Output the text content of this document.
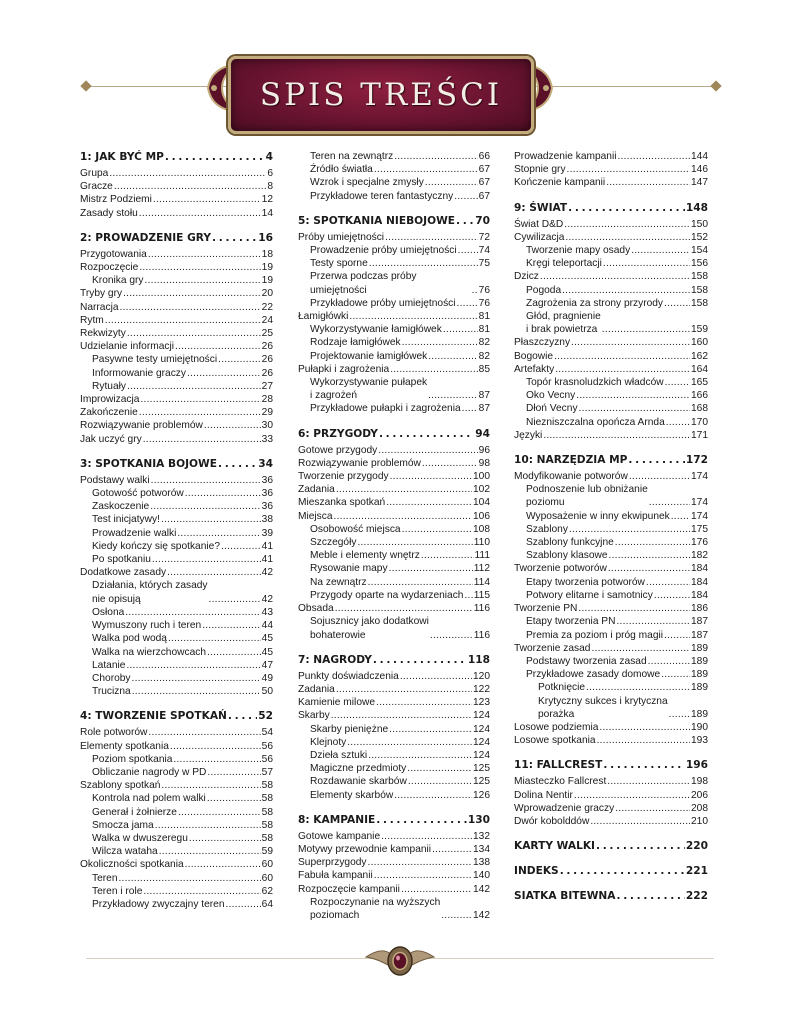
SPIS TREŚCI
1: JAK BYĆ MP . . .	4
Grupa . . .	6
Gracze . . .	8
Mistrz Podziemi . . .	12
Zasady stołu . . .	14
2: PROWADZENIE GRY . . .	16
Przygotowania . . .	18
Rozpoczęcie . . .	19
Kronika gry . . .	19
Tryby gry . . .	20
Narracja . . .	22
Rytm . . .	24
Rekwizyty . . .	25
Udzielanie informacji . . .	26
Pasywne testy umiejętności . . .	26
Informowanie graczy . . .	26
Rytuały . . .	27
Improwizacja . . .	28
Zakończenie . . .	29
Rozwiązywanie problemów . . .	30
Jak uczyć gry . . .	33
3: SPOTKANIA BOJOWE . . .	34
Podstawy walki . . .	36
Gotowość potworów . . .	36
Zaskoczenie . . .	36
Test inicjatywy! . . .	38
Prowadzenie walki . . .	39
Kiedy kończy się spotkanie? . . .	41
Po spotkaniu . . .	41
Dodatkowe zasady . . .	42
Działania, których zasady
nie opisują . . .	42
Osłona . . .	43
Wymuszony ruch i teren . . .	44
Walka pod wodą . . .	45
Walka na wierzchowcach . . .	45
Latanie . . .	47
Choroby . . .	49
Trucizna . . .	50
4: TWORZENIE SPOTKAŃ . . .	52
Role potworów . . .	54
Elementy spotkania . . .	56
Poziom spotkania . . .	56
Obliczanie nagrody w PD . . .	57
Szablony spotkań . . .	58
Kontrola nad polem walki . . .	58
Generał i żołnierze . . .	58
Smocza jama . . .	58
Walka w dwuszeregu . . .	58
Wilcza wataha . . .	59
Okoliczności spotkania . . .	60
Teren . . .	60
Teren i role . . .	62
Przykładowy zwyczajny teren . . .	64
Teren na zewnątrz . . .	66
Źródło światła . . .	67
Wzrok i specjalne zmysły . . .	67
Przykładowe teren fantastyczny . . . 67
5: SPOTKANIA NIEBOJOWE . . . 70
Próby umiejętności . . .	72
Prowadzenie próby umiejętności . . . 74
Testy sporne . . .	75
Przerwa podczas próby umiejętności . . .	76
Przykładowe próby umiejętności . . . 76
Łamigłówki . . .	81
Wykorzystywanie łamigłówek . . .	81
Rodzaje łamigłówek . . .	82
Projektowanie łamigłówek . . .	82
Pułapki i zagrożenia . . .	85
Wykorzystywanie pułapek
i zagrożeń . . .	87
Przykładowe pułapki i zagrożenia . . . 87
6: PRZYGODY . . .	94
Gotowe przygody . . .	96
Rozwiązywanie problemów . . .	98
Tworzenie przygody . . .	100
Zadania . . .	102
Mieszanka spotkań . . .	104
Miejsca . . .	106
Osobowość miejsca . . .	108
Szczegóły . . .	110
Meble i elementy wnętrz . . .	111
Rysowanie mapy . . .	112
Na zewnątrz . . .	114
Przygody oparte na wydarzeniach . . . 115
Obsada . . .	116
Sojusznicy jako dodatkowi
bohaterowie . . .	116
7: NAGRODY . . .	118
Punkty doświadczenia . . .	120
Zadania . . .	122
Kamienie milowe . . .	123
Skarby . . .	124
Skarby pieniężne . . .	124
Klejnoty . . .	124
Dzieła sztuki . . .	124
Magiczne przedmioty . . .	125
Rozdawanie skarbów . . .	125
Elementy skarbów . . .	126
8: KAMPANIE . . .	130
Gotowe kampanie . . .	132
Motywy przewodnie kampanii . . .	134
Superprzygody . . .	138
Fabuła kampanii . . .	140
Rozpoczęcie kampanii . . .	142
Rozpoczynanie na wyższych
poziomach . . .	142
Prowadzenie kampanii . . .	144
Stopnie gry . . .	146
Kończenie kampanii . . .	147
9: ŚWIAT . . .	148
Świat D&D . . .	150
Cywilizacja . . .	152
Tworzenie mapy osady . . .	154
Kręgi teleportacji . . .	156
Dzicz . . .	158
Pogoda . . .	158
Zagrożenia za strony przyrody . . .	158
Głód, pragnienie
i brak powietrza . . .	159
Płaszczyzny . . .	160
Bogowie . . .	162
Artefakty . . .	164
Topór krasnoludzkich władców . . .	165
Oko Vecny . . .	166
Dłoń Vecny . . .	168
Niezniszczalna opończa Arnda . . .	170
Języki . . .	171
10: NARZĘDZIA MP . . .	172
Modyfikowanie potworów . . .	174
Podnoszenie lub obniżanie
poziomu . . .	174
Wyposażenie w inny ekwipunek . . . 174
Szablony . . .	175
Szablony funkcyjne . . .	176
Szablony klasowe . . .	182
Tworzenie potworów . . .	184
Etapy tworzenia potworów . . .	184
Potwory elitarne i samotnicy . . .	184
Tworzenie PN . . .	186
Etapy tworzenia PN . . .	187
Premia za poziom i próg magii . . .	187
Tworzenie zasad . . .	189
Podstawy tworzenia zasad . . .	189
Przykładowe zasady domowe . . .	189
Potknięcie . . .	189
Krytyczny sukces i krytyczna
porażka . . .	189
Losowe podziemia . . .	190
Losowe spotkania . . .	193
11: FALLCREST . . .	196
Miasteczko Fallcrest . . .	198
Dolina Nentir . . .	206
Wprowadzenie graczy . . .	208
Dwór kobolddów . . .	210
KARTY WALKI . . .	220
INDEKS . . .	221
SIATKA BITEWNA . . .	222
